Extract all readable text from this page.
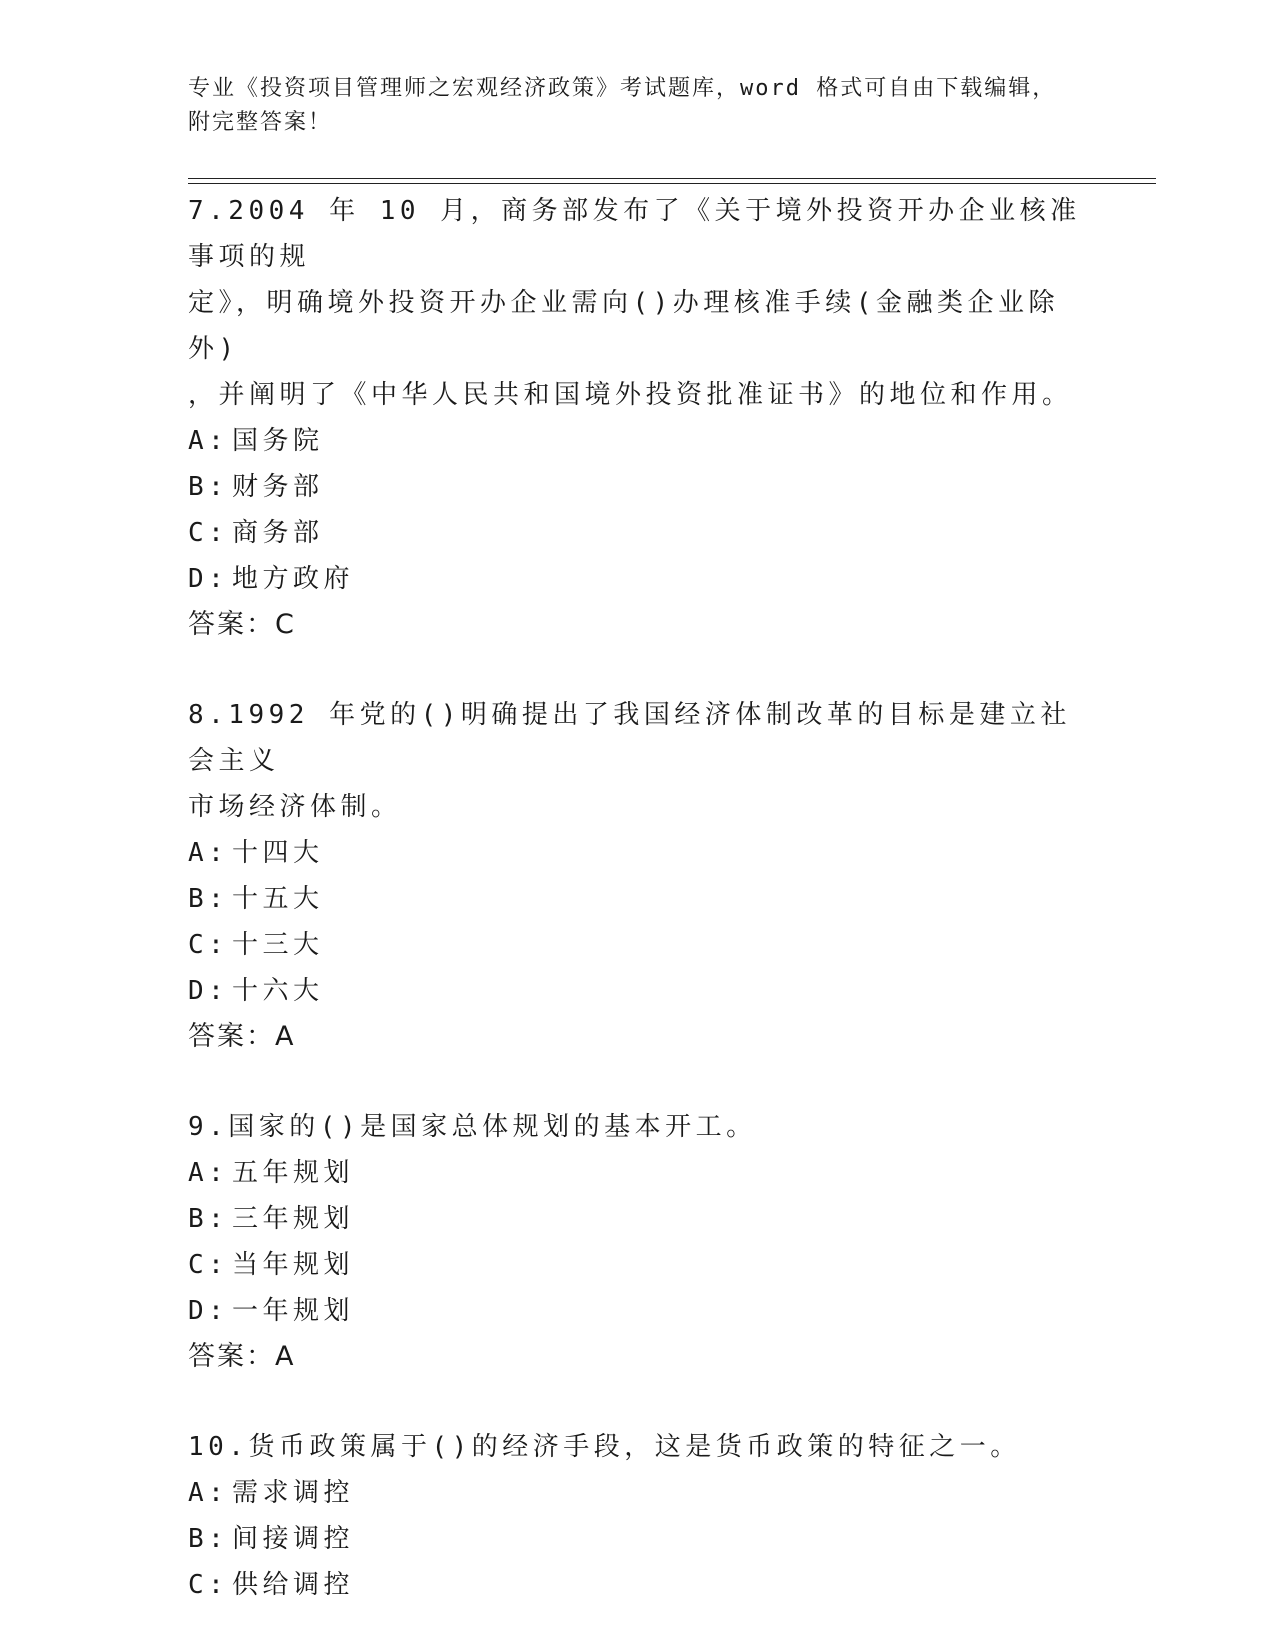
专业《投资项目管理师之宏观经济政策》考试题库，word 格式可自由下载编辑，
附完整答案！
7.2004 年 10 月，商务部发布了《关于境外投资开办企业核准事项的规
定》，明确境外投资开办企业需向()办理核准手续(金融类企业除外)
，并阐明了《中华人民共和国境外投资批准证书》的地位和作用。
A: 国务院
B: 财务部
C: 商务部
D: 地方政府
答案：C
8.1992 年党的()明确提出了我国经济体制改革的目标是建立社会主义
市场经济体制。
A: 十四大
B: 十五大
C: 十三大
D: 十六大
答案：A
9.国家的()是国家总体规划的基本开工。
A: 五年规划
B: 三年规划
C: 当年规划
D: 一年规划
答案：A
10.货币政策属于()的经济手段，这是货币政策的特征之一。
A: 需求调控
B: 间接调控
C: 供给调控
